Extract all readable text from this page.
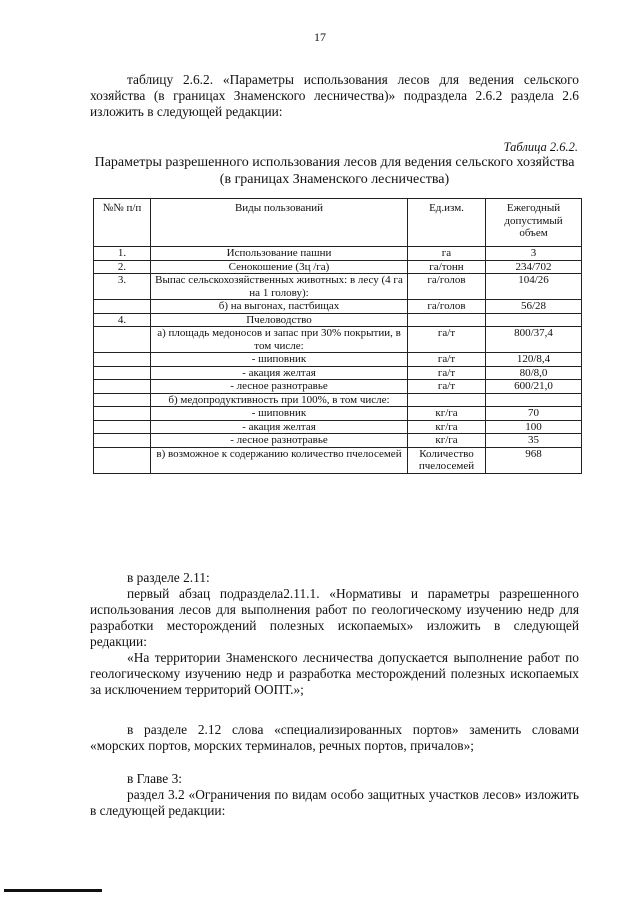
17

таблицу 2.6.2. «Параметры использования лесов для ведения сельского хозяйства (в границах Знаменского лесничества)» подраздела 2.6.2 раздела 2.6 изложить в следующей редакции:

Таблица 2.6.2.
Параметры разрешенного использования лесов для ведения сельского хозяйства (в границах Знаменского лесничества)
№№ п/п	Виды пользований	Ед.изм.	Ежегодный допустимый объем
1.	Использование пашни	га	3
2.	Сенокошение (3ц /га)	га/тонн	234/702
3.	Выпас сельскохозяйственных животных: в лесу (4 га на 1 голову):	га/голов	104/26
	б) на выгонах, пастбищах	га/голов	56/28
4.	Пчеловодство		
	а) площадь медоносов и запас при 30% покрытии, в том числе:	га/т	800/37,4
	- шиповник	га/т	120/8,4
	- акация желтая	га/т	80/8,0
	- лесное разнотравье	га/т	600/21,0
	б) медопродуктивность при 100%, в том числе:		
	- шиповник	кг/га	70
	- акация желтая	кг/га	100
	- лесное разнотравье	кг/га	35
	в) возможное к содержанию количество пчелосемей	Количество пчелосемей	968

в разделе 2.11:

первый абзац подраздела2.11.1. «Нормативы и параметры разрешенного использования лесов для выполнения работ по геологическому изучению недр для разработки месторождений полезных ископаемых» изложить в следующей редакции:

«На территории Знаменского лесничества допускается выполнение работ по геологическому изучению недр и разработка месторождений полезных ископаемых за исключением территорий ООПТ.»;

в разделе 2.12 слова «специализированных портов» заменить словами «морских портов, морских терминалов, речных портов, причалов»;

в Главе 3:

раздел 3.2 «Ограничения по видам особо защитных участков лесов» изложить в следующей редакции:
